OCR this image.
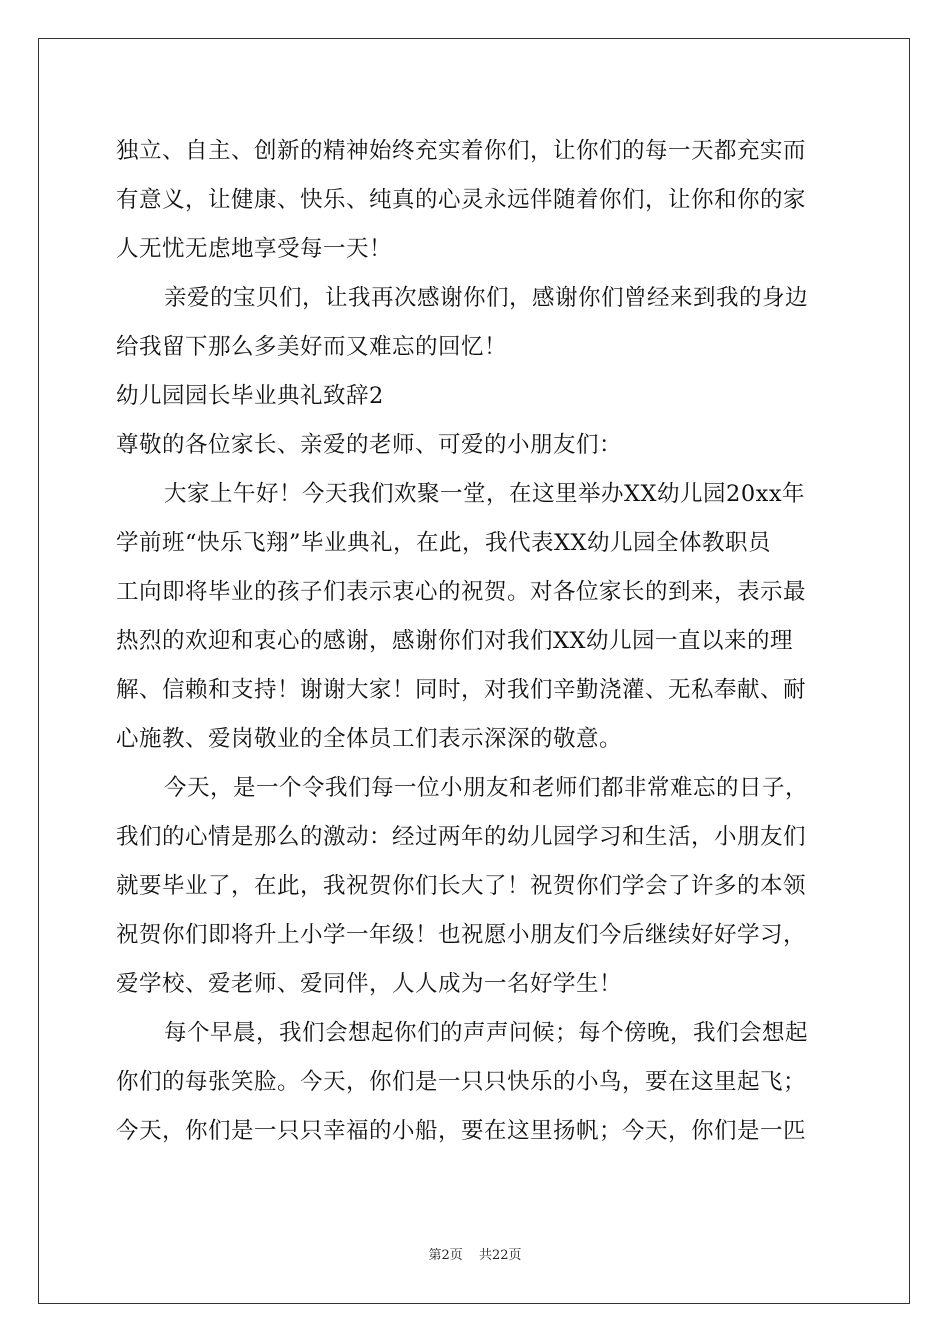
独立、自主、创新的精神始终充实着你们，让你们的每一天都充实而
有意义，让健康、快乐、纯真的心灵永远伴随着你们，让你和你的家
人无忧无虑地享受每一天！
亲爱的宝贝们，让我再次感谢你们，感谢你们曾经来到我的身边
给我留下那么多美好而又难忘的回忆！
幼儿园园长毕业典礼致辞2
尊敬的各位家长、亲爱的老师、可爱的小朋友们：
大家上午好！今天我们欢聚一堂，在这里举办XX幼儿园20xx年
学前班“快乐飞翔”毕业典礼，在此，我代表XX幼儿园全体教职员
工向即将毕业的孩子们表示衷心的祝贺。对各位家长的到来，表示最
热烈的欢迎和衷心的感谢，感谢你们对我们XX幼儿园一直以来的理
解、信赖和支持！谢谢大家！同时，对我们辛勤浇灌、无私奉献、耐
心施教、爱岗敬业的全体员工们表示深深的敬意。
今天，是一个令我们每一位小朋友和老师们都非常难忘的日子，
我们的心情是那么的激动：经过两年的幼儿园学习和生活，小朋友们
就要毕业了，在此，我祝贺你们长大了！祝贺你们学会了许多的本领
祝贺你们即将升上小学一年级！也祝愿小朋友们今后继续好好学习，
爱学校、爱老师、爱同伴，人人成为一名好学生！
每个早晨，我们会想起你们的声声问候；每个傍晚，我们会想起
你们的每张笑脸。今天，你们是一只只快乐的小鸟，要在这里起飞；
今天，你们是一只只幸福的小船，要在这里扬帆；今天，你们是一匹
第2页 共22页
